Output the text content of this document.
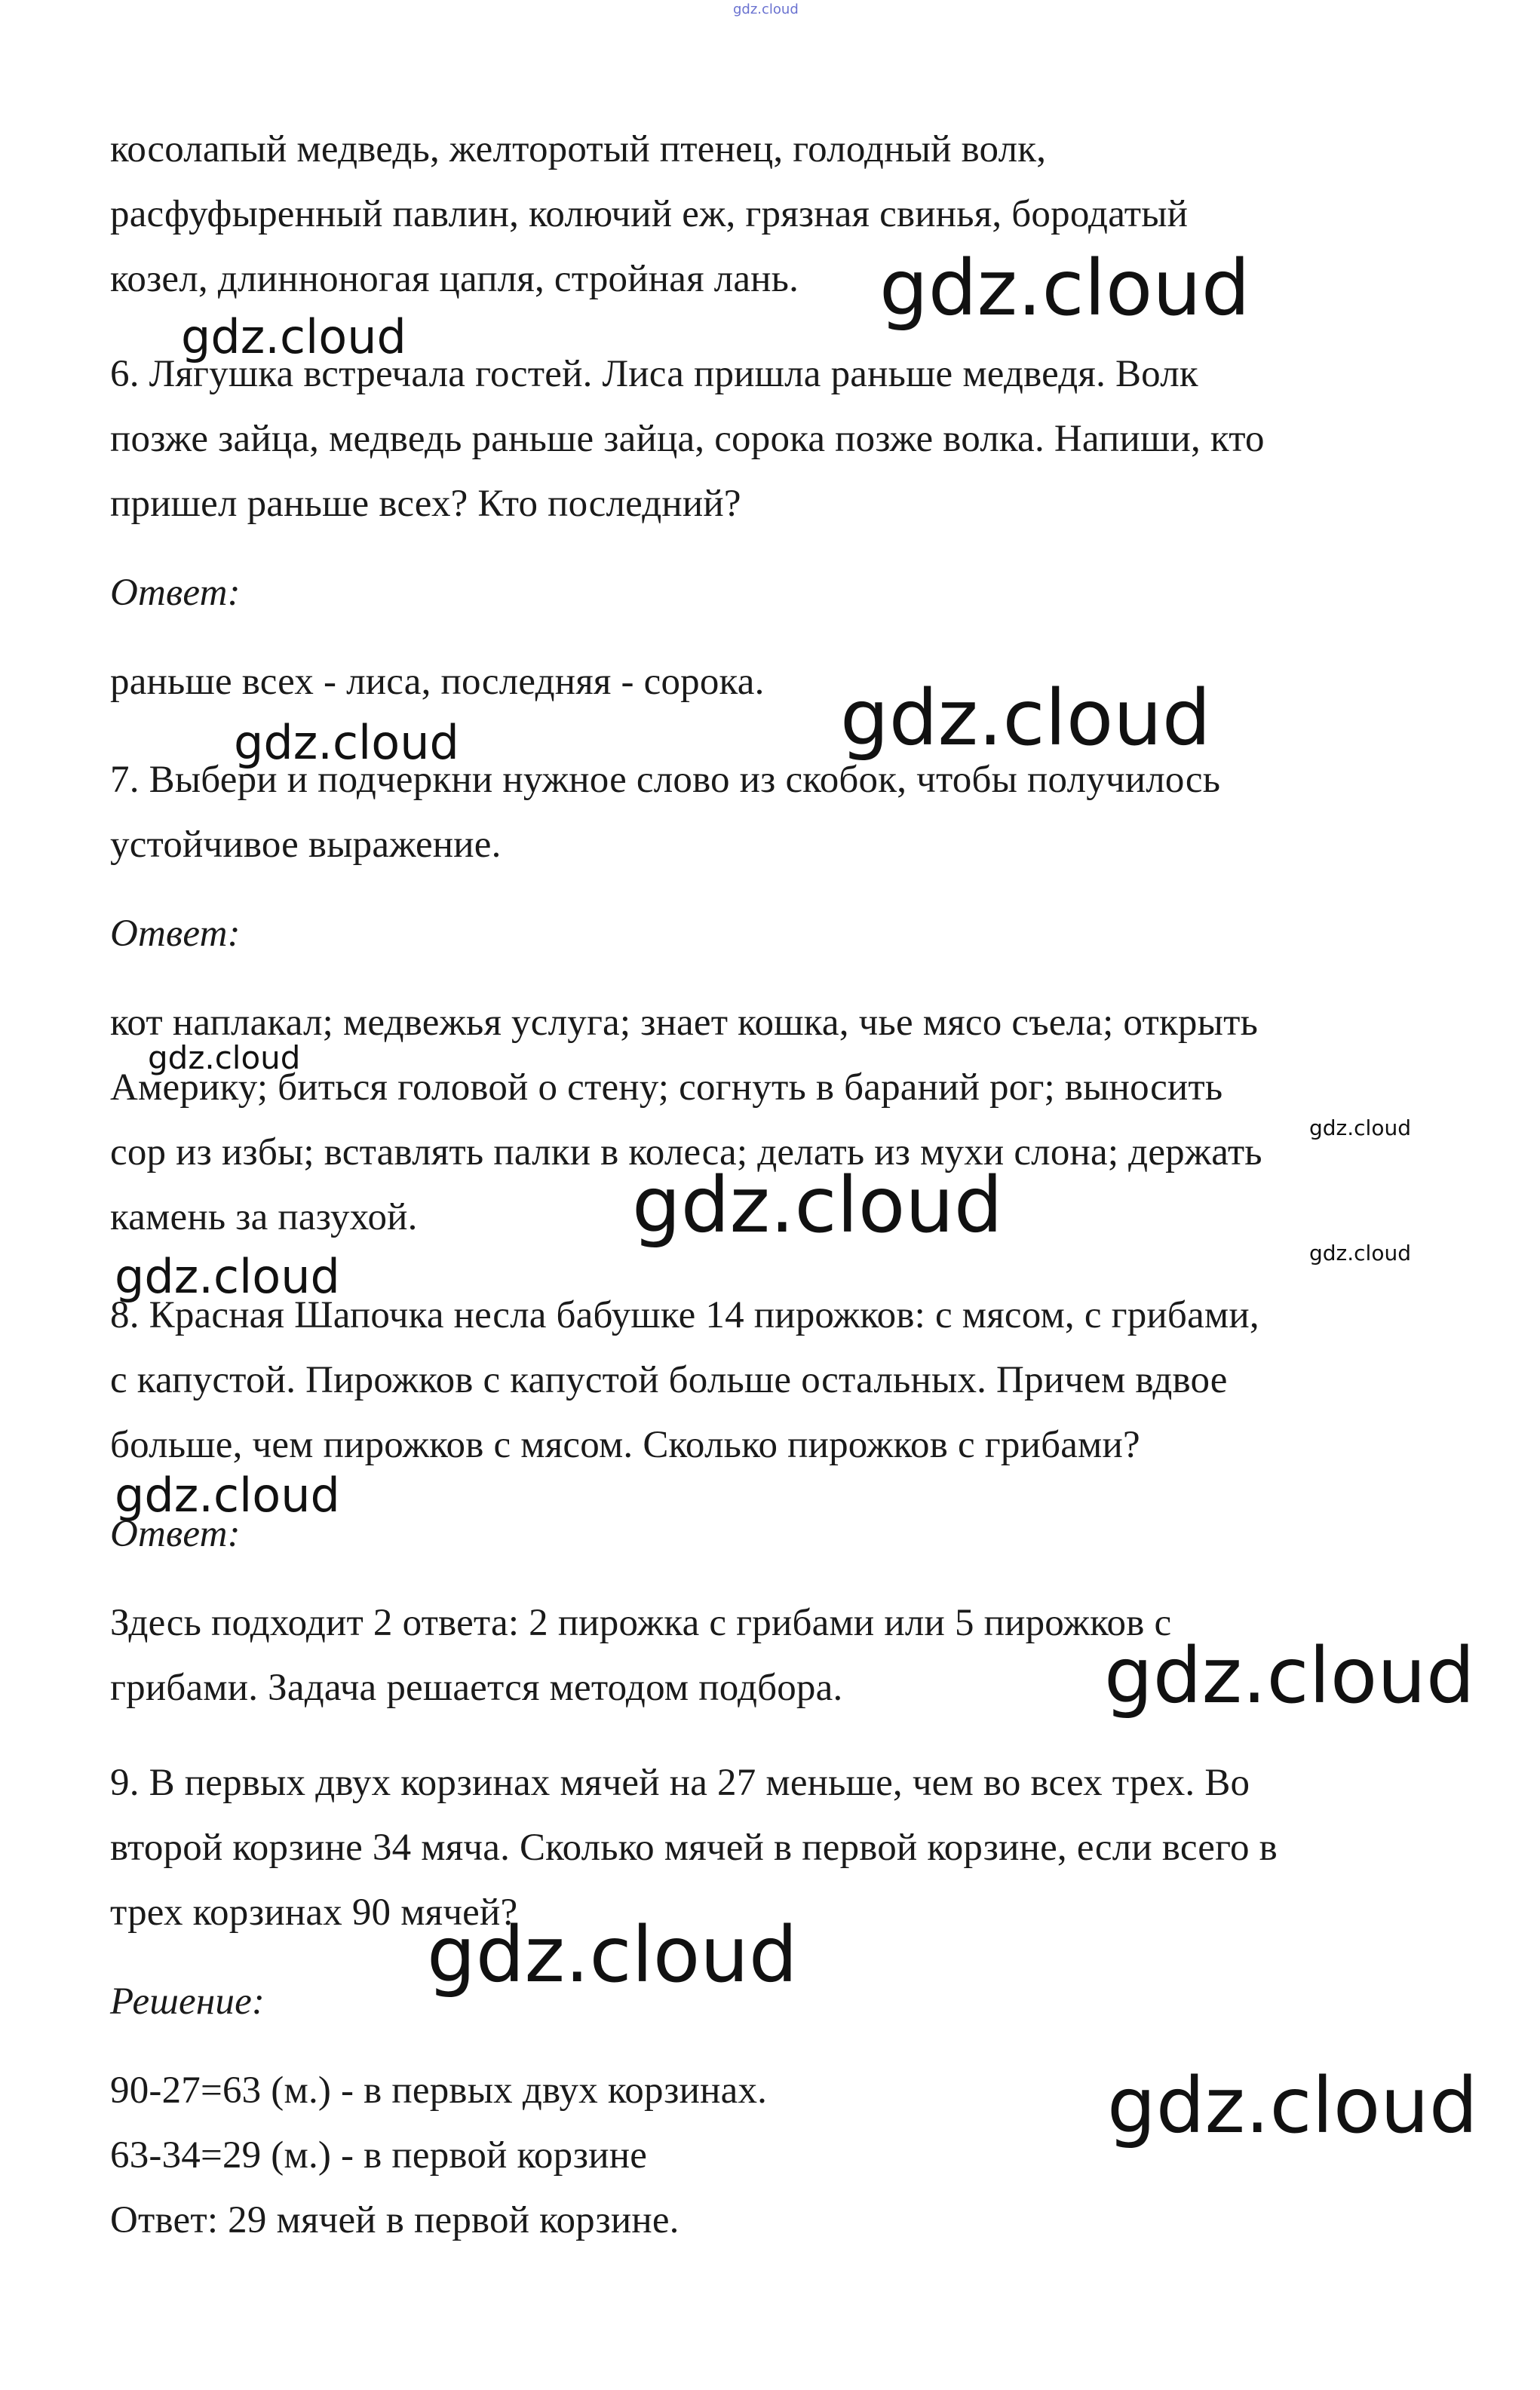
gdz.cloud
косолапый медведь, желторотый птенец, голодный волк,
расфуфыренный павлин, колючий еж, грязная свинья, бородатый
козел, длинноногая цапля, стройная лань.
6. Лягушка встречала гостей. Лиса пришла раньше медведя. Волк
позже зайца, медведь раньше зайца, сорока позже волка. Напиши, кто
пришел раньше всех? Кто последний?
Ответ:
раньше всех - лиса, последняя - сорока.
7. Выбери и подчеркни нужное слово из скобок, чтобы получилось
устойчивое выражение.
Ответ:
кот наплакал; медвежья услуга; знает кошка, чье мясо съела; открыть
Америку; биться головой о стену; согнуть в бараний рог; выносить
сор из избы; вставлять палки в колеса; делать из мухи слона; держать
камень за пазухой.
8. Красная Шапочка несла бабушке 14 пирожков: с мясом, с грибами,
с капустой. Пирожков с капустой больше остальных. Причем вдвое
больше, чем пирожков с мясом. Сколько пирожков с грибами?
Ответ:
Здесь подходит 2 ответа: 2 пирожка с грибами или 5 пирожков с
грибами. Задача решается методом подбора.
9. В первых двух корзинах мячей на 27 меньше, чем во всех трех. Во
второй корзине 34 мяча. Сколько мячей в первой корзине, если всего в
трех корзинах 90 мячей?
Решение:
90-27=63 (м.) - в первых двух корзинах.
63-34=29 (м.) - в первой корзине
Ответ: 29 мячей в первой корзине.
gdz.cloud
gdz.cloud
gdz.cloud
gdz.cloud
gdz.cloud
gdz.cloud
gdz.cloud
gdz.cloud
gdz.cloud
gdz.cloud
gdz.cloud
gdz.cloud
gdz.cloud
